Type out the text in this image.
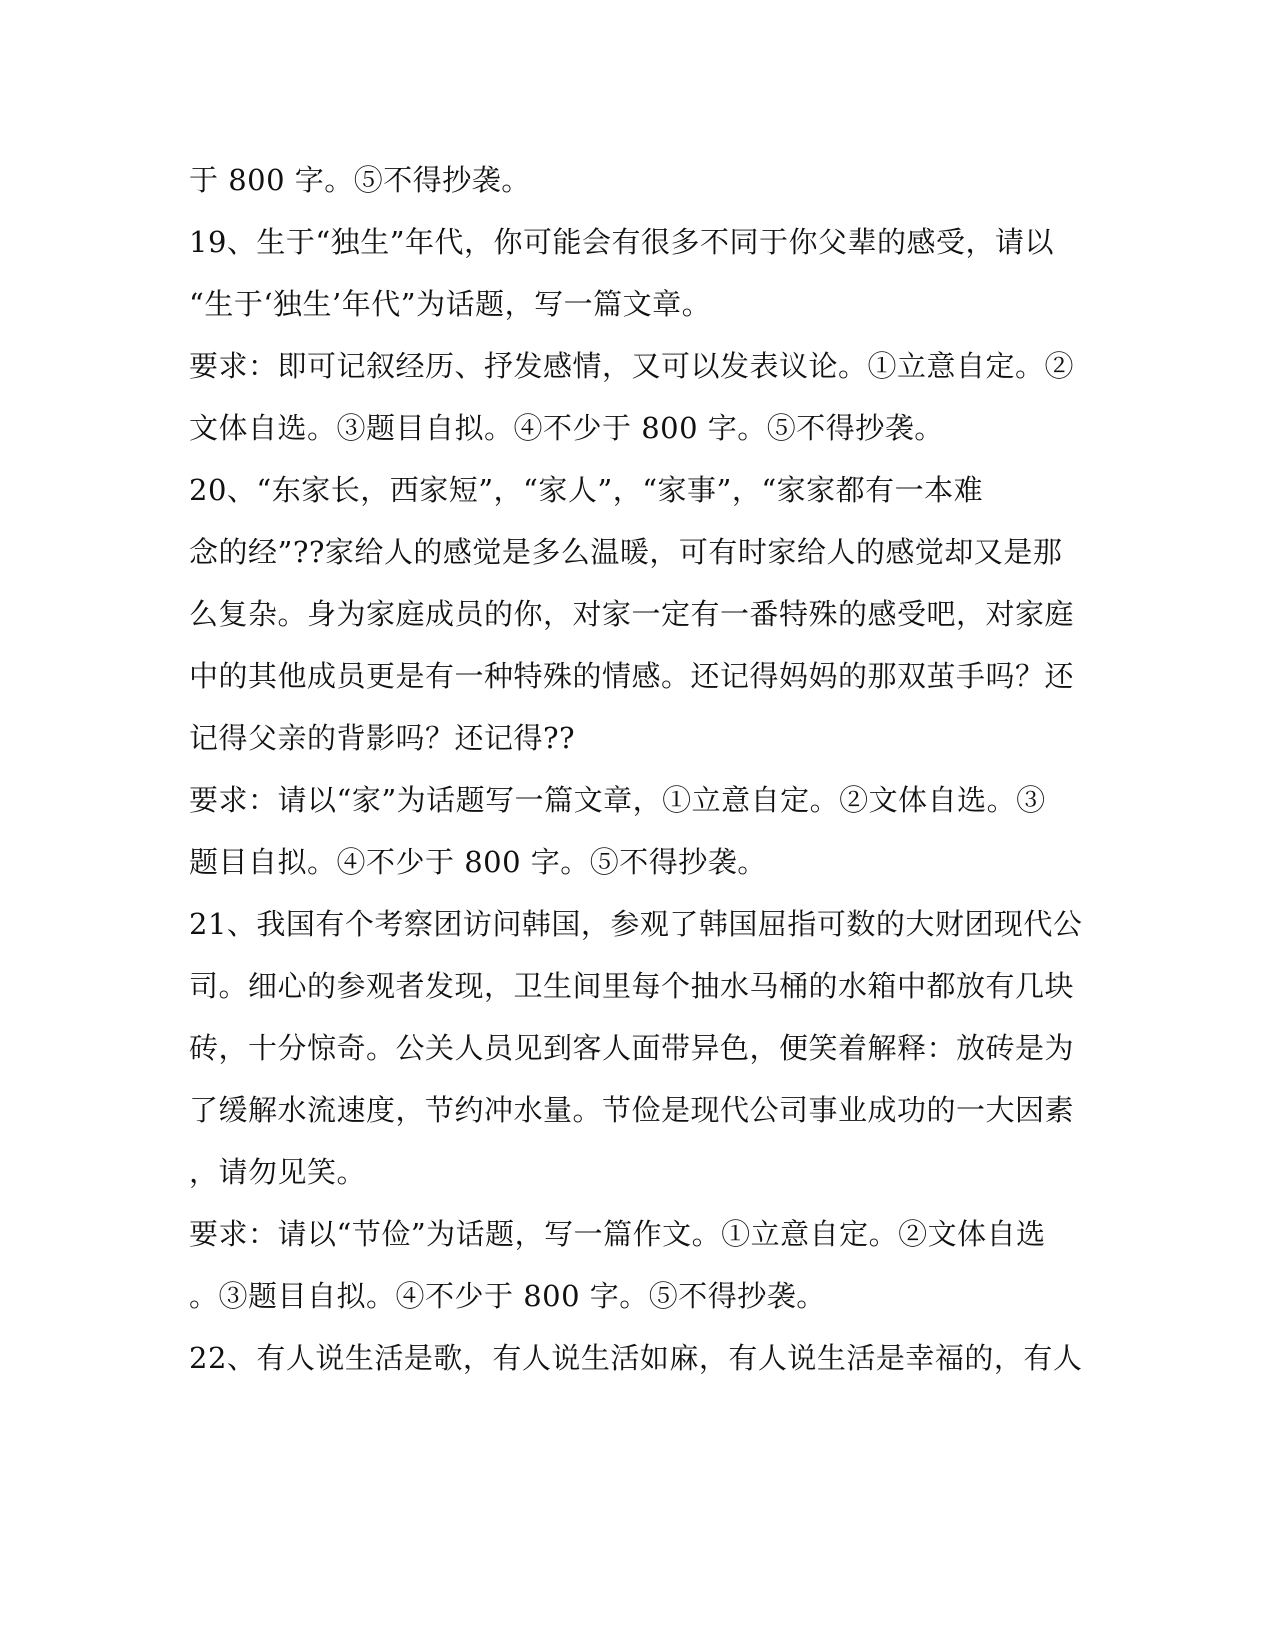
于 800 字。⑤不得抄袭。
19、生于“独生”年代，你可能会有很多不同于你父辈的感受，请以
“生于‘独生’年代”为话题，写一篇文章。
要求：即可记叙经历、抒发感情，又可以发表议论。①立意自定。②
文体自选。③题目自拟。④不少于 800 字。⑤不得抄袭。
20、“东家长，西家短”，“家人”，“家事”，“家家都有一本难
念的经”??家给人的感觉是多么温暖，可有时家给人的感觉却又是那
么复杂。身为家庭成员的你，对家一定有一番特殊的感受吧，对家庭
中的其他成员更是有一种特殊的情感。还记得妈妈的那双茧手吗？还
记得父亲的背影吗？还记得??
要求：请以“家”为话题写一篇文章，①立意自定。②文体自选。③
题目自拟。④不少于 800 字。⑤不得抄袭。
21、我国有个考察团访问韩国，参观了韩国屈指可数的大财团现代公
司。细心的参观者发现，卫生间里每个抽水马桶的水箱中都放有几块
砖，十分惊奇。公关人员见到客人面带异色，便笑着解释：放砖是为
了缓解水流速度，节约冲水量。节俭是现代公司事业成功的一大因素
，请勿见笑。
要求：请以“节俭”为话题，写一篇作文。①立意自定。②文体自选
。③题目自拟。④不少于 800 字。⑤不得抄袭。
22、有人说生活是歌，有人说生活如麻，有人说生活是幸福的，有人
